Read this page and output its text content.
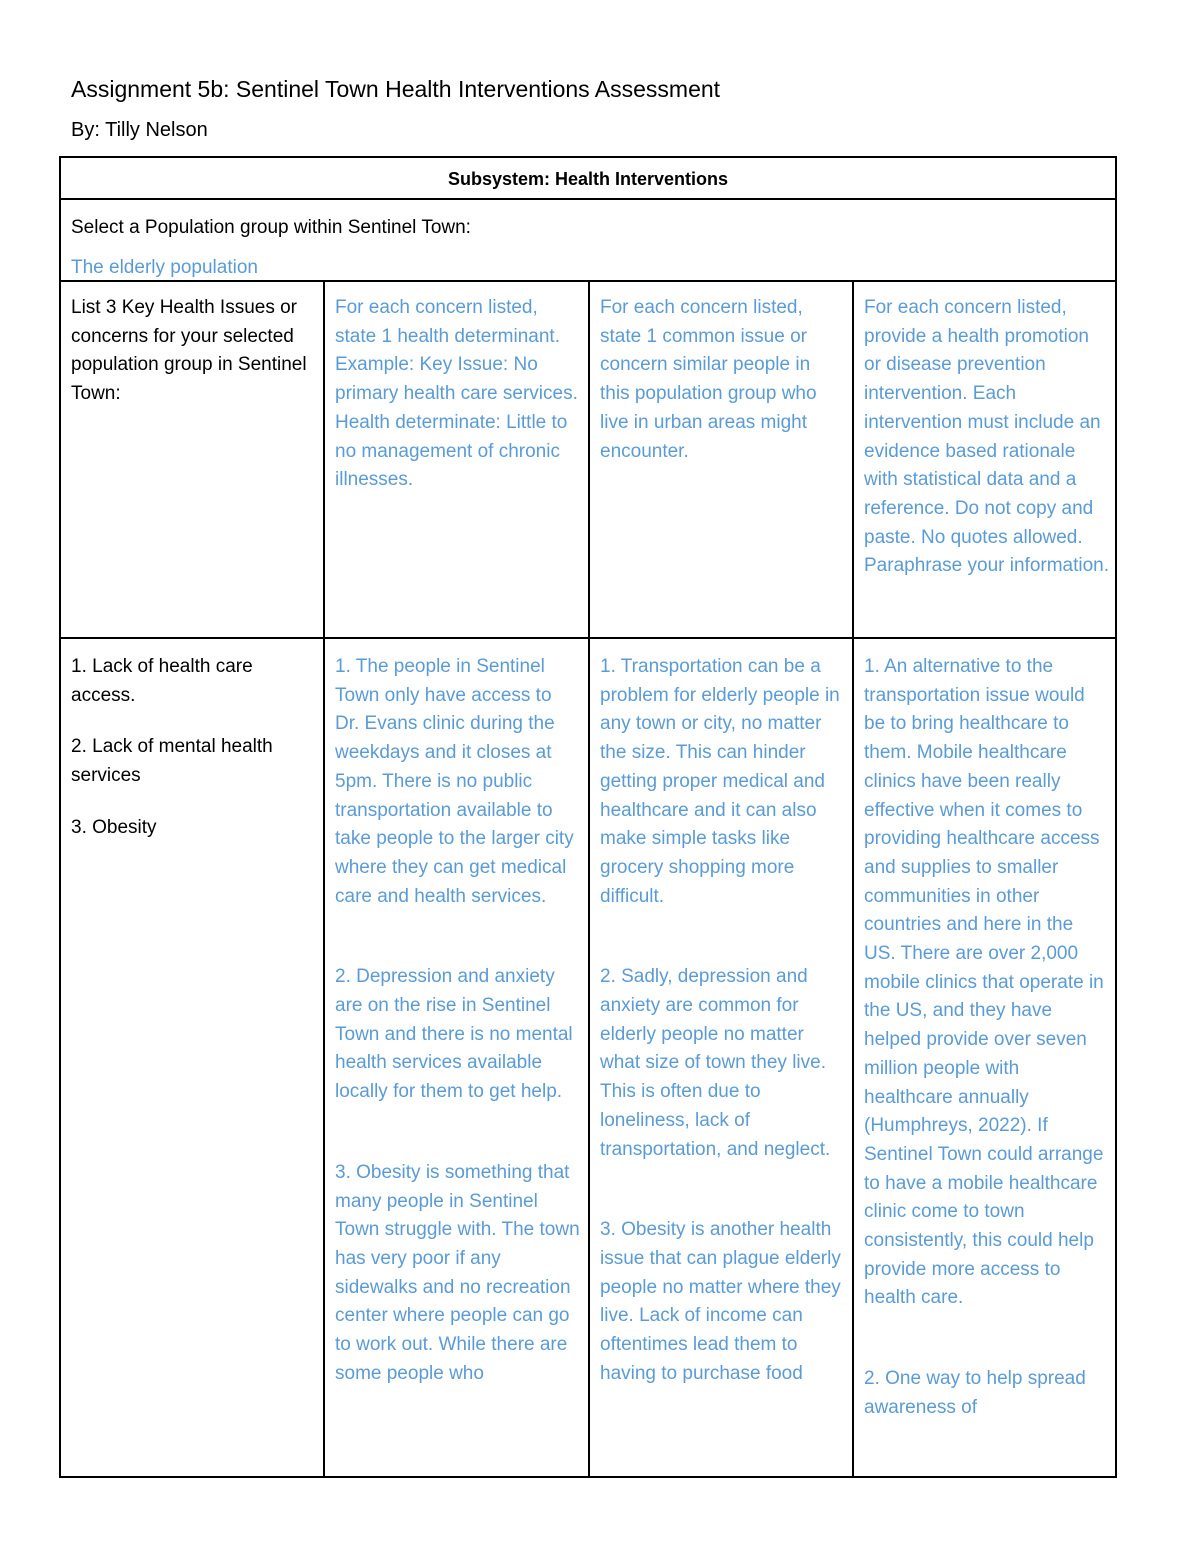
Assignment 5b: Sentinel Town Health Interventions Assessment
By: Tilly Nelson
Subsystem: Health Interventions
Select a Population group within Sentinel Town:
The elderly population

List 3 Key Health Issues or concerns for your selected population group in Sentinel Town:

For each concern listed, state 1 health determinant. Example: Key Issue: No primary health care services. Health determinate: Little to no management of chronic illnesses.

For each concern listed, state 1 common issue or concern similar people in this population group who live in urban areas might encounter.

For each concern listed, provide a health promotion or disease prevention intervention. Each intervention must include an evidence based rationale with statistical data and a reference. Do not copy and paste. No quotes allowed. Paraphrase your information.

1. Lack of health care access.

2. Lack of mental health services

3. Obesity

1. The people in Sentinel Town only have access to Dr. Evans clinic during the weekdays and it closes at 5pm. There is no public transportation available to take people to the larger city where they can get medical care and health services.

2. Depression and anxiety are on the rise in Sentinel Town and there is no mental health services available locally for them to get help.

3. Obesity is something that many people in Sentinel Town struggle with. The town has very poor if any sidewalks and no recreation center where people can go to work out. While there are some people who

1. Transportation can be a problem for elderly people in any town or city, no matter the size. This can hinder getting proper medical and healthcare and it can also make simple tasks like grocery shopping more difficult.

2. Sadly, depression and anxiety are common for elderly people no matter what size of town they live. This is often due to loneliness, lack of transportation, and neglect.

3. Obesity is another health issue that can plague elderly people no matter where they live. Lack of income can oftentimes lead them to having to purchase food

1. An alternative to the transportation issue would be to bring healthcare to them. Mobile healthcare clinics have been really effective when it comes to providing healthcare access and supplies to smaller communities in other countries and here in the US. There are over 2,000 mobile clinics that operate in the US, and they have helped provide over seven million people with healthcare annually (Humphreys, 2022). If Sentinel Town could arrange to have a mobile healthcare clinic come to town consistently, this could help provide more access to health care.

2. One way to help spread awareness of
